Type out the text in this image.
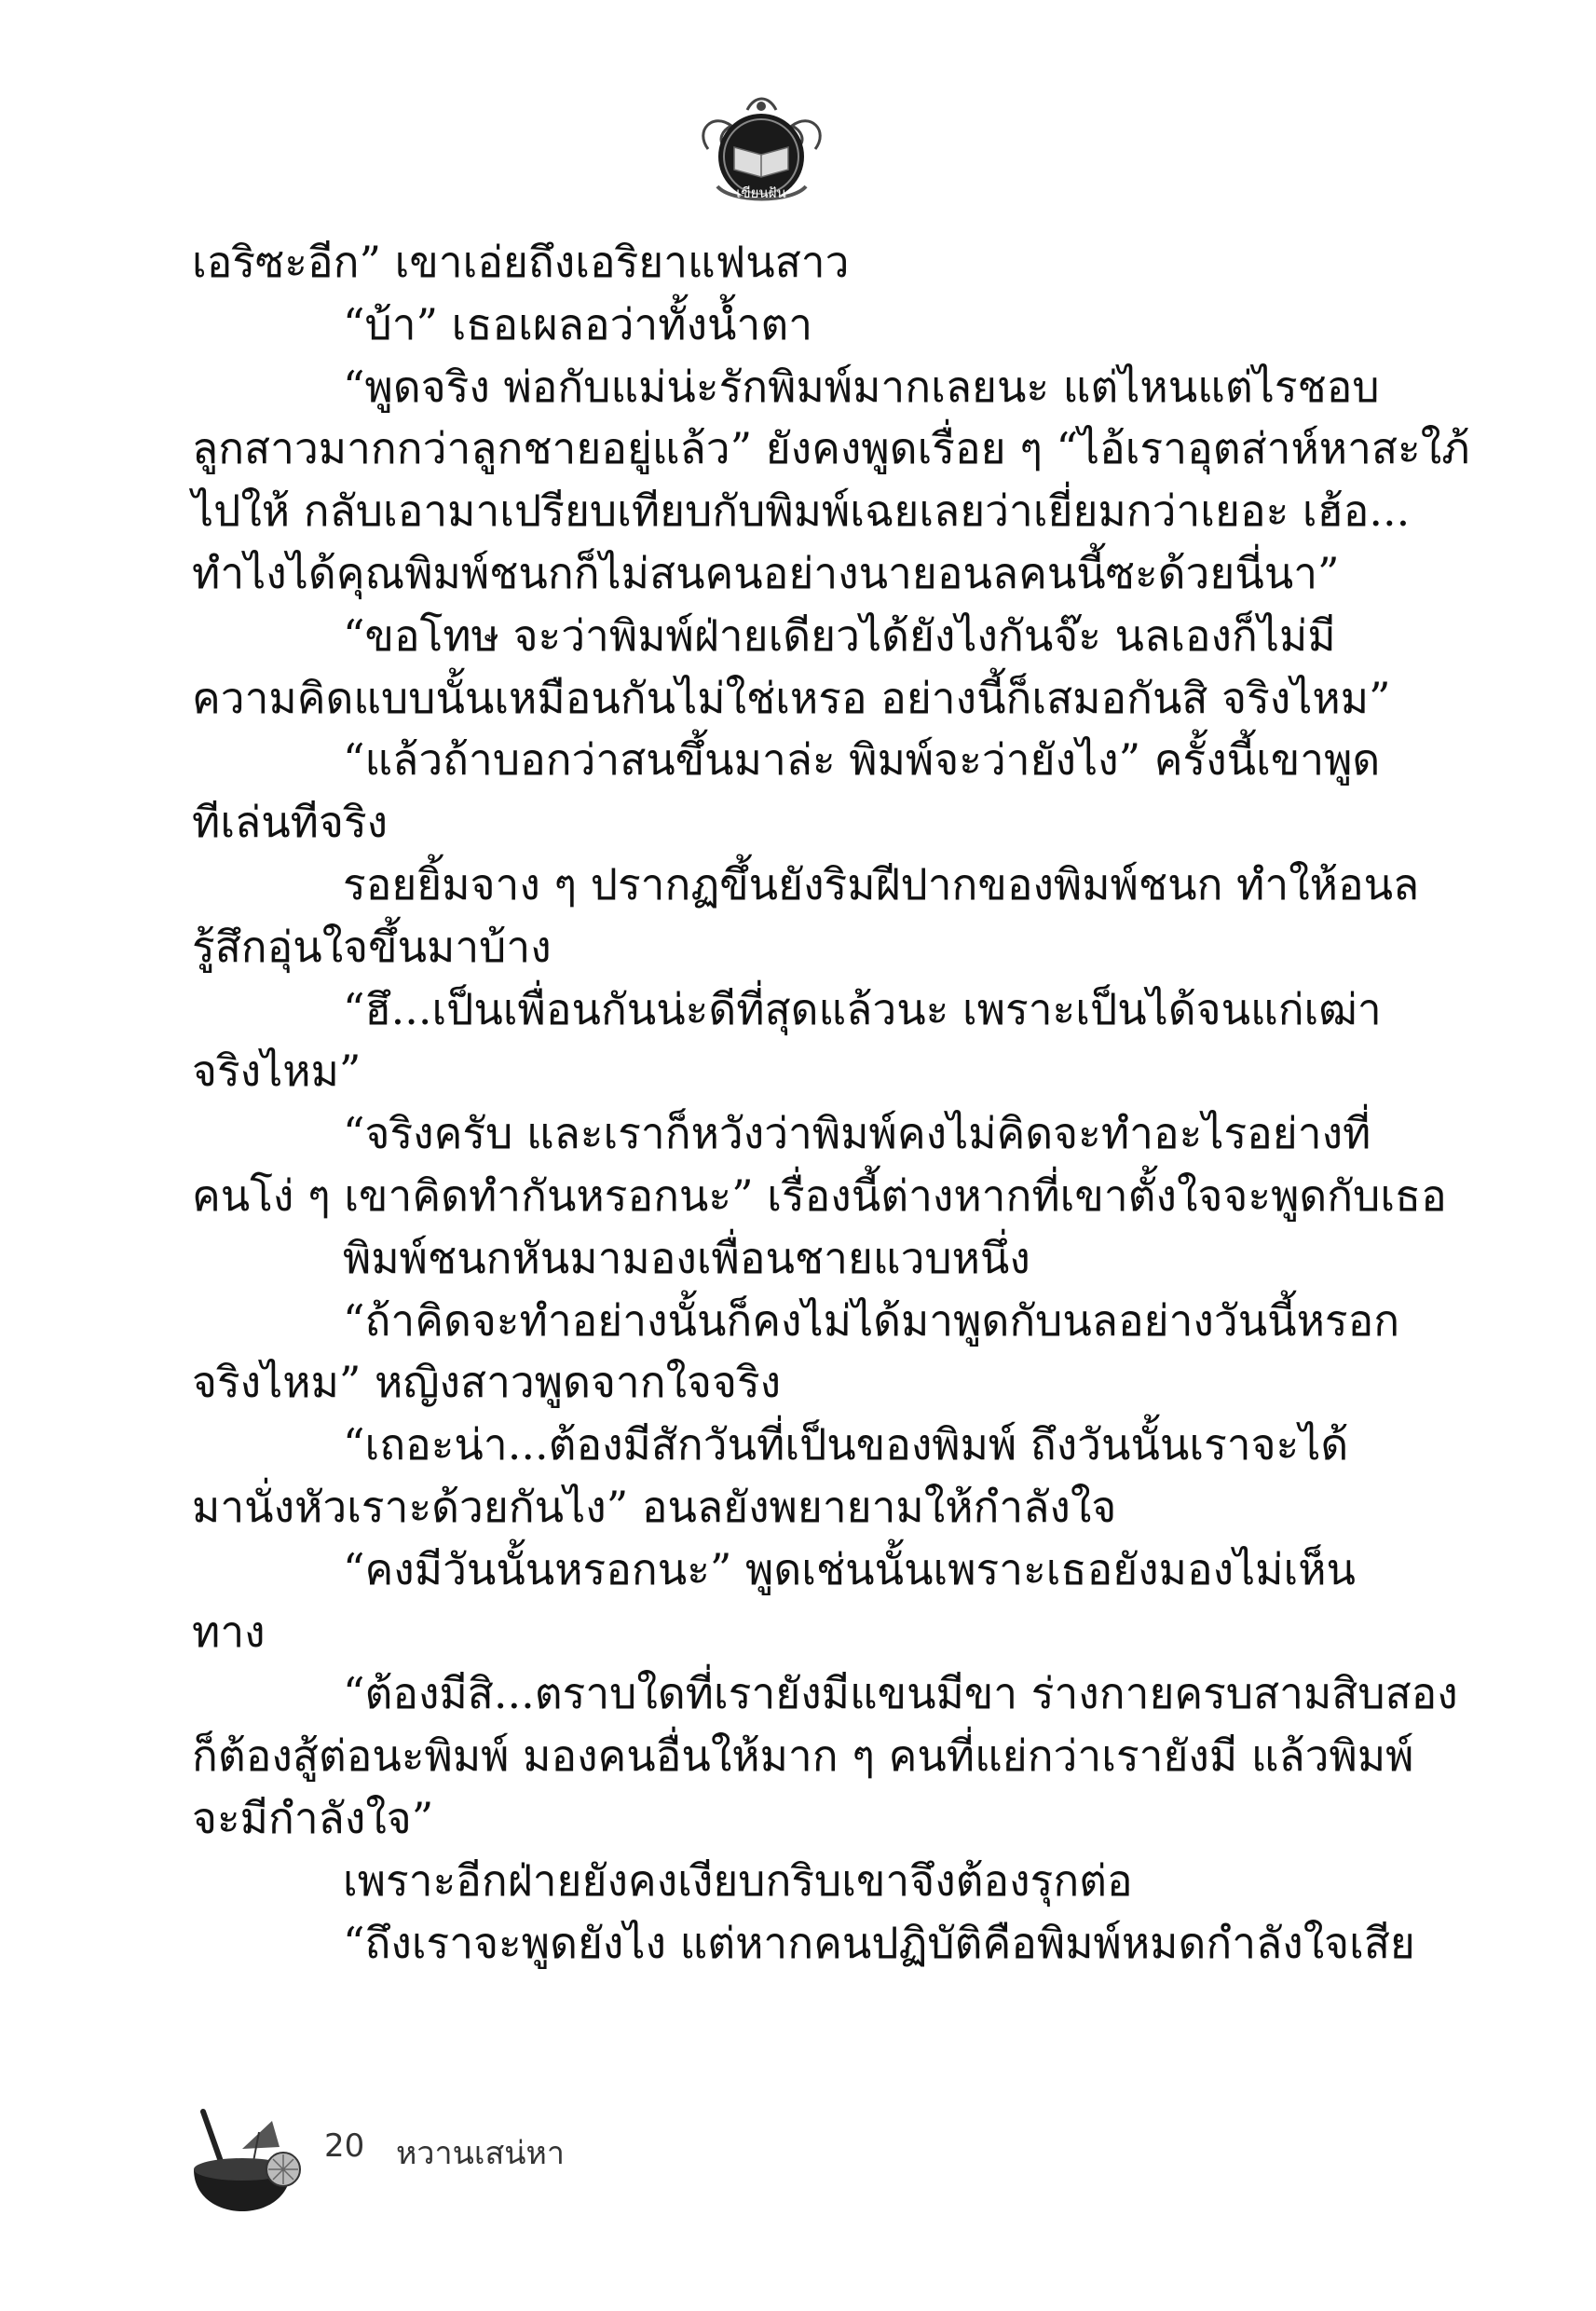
เขียนฝัน
เอริซะอีก” เขาเอ่ยถึงเอริยาแฟนสาว
“บ้า” เธอเผลอว่าทั้งน้ำตา
“พูดจริง พ่อกับแม่น่ะรักพิมพ์มากเลยนะ แต่ไหนแต่ไรชอบ
ลูกสาวมากกว่าลูกชายอยู่แล้ว” ยังคงพูดเรื่อย ๆ “ไอ้เราอุตส่าห์หาสะใภ้
ไปให้ กลับเอามาเปรียบเทียบกับพิมพ์เฉยเลยว่าเยี่ยมกว่าเยอะ เฮ้อ...
ทำไงได้คุณพิมพ์ชนกก็ไม่สนคนอย่างนายอนลคนนี้ซะด้วยนี่นา”
“ขอโทษ จะว่าพิมพ์ฝ่ายเดียวได้ยังไงกันจ๊ะ นลเองก็ไม่มี
ความคิดแบบนั้นเหมือนกันไม่ใช่เหรอ อย่างนี้ก็เสมอกันสิ จริงไหม”
“แล้วถ้าบอกว่าสนขึ้นมาล่ะ พิมพ์จะว่ายังไง” ครั้งนี้เขาพูด
ทีเล่นทีจริง
รอยยิ้มจาง ๆ ปรากฏขึ้นยังริมฝีปากของพิมพ์ชนก ทำให้อนล
รู้สึกอุ่นใจขึ้นมาบ้าง
“ฮึ...เป็นเพื่อนกันน่ะดีที่สุดแล้วนะ เพราะเป็นได้จนแก่เฒ่า
จริงไหม”
“จริงครับ และเราก็หวังว่าพิมพ์คงไม่คิดจะทำอะไรอย่างที่
คนโง่ ๆ เขาคิดทำกันหรอกนะ” เรื่องนี้ต่างหากที่เขาตั้งใจจะพูดกับเธอ
พิมพ์ชนกหันมามองเพื่อนชายแวบหนึ่ง
“ถ้าคิดจะทำอย่างนั้นก็คงไม่ได้มาพูดกับนลอย่างวันนี้หรอก
จริงไหม” หญิงสาวพูดจากใจจริง
“เถอะน่า...ต้องมีสักวันที่เป็นของพิมพ์ ถึงวันนั้นเราจะได้
มานั่งหัวเราะด้วยกันไง” อนลยังพยายามให้กำลังใจ
“คงมีวันนั้นหรอกนะ” พูดเช่นนั้นเพราะเธอยังมองไม่เห็น
ทาง
“ต้องมีสิ...ตราบใดที่เรายังมีแขนมีขา ร่างกายครบสามสิบสอง
ก็ต้องสู้ต่อนะพิมพ์ มองคนอื่นให้มาก ๆ คนที่แย่กว่าเรายังมี แล้วพิมพ์
จะมีกำลังใจ”
เพราะอีกฝ่ายยังคงเงียบกริบเขาจึงต้องรุกต่อ
“ถึงเราจะพูดยังไง แต่หากคนปฏิบัติคือพิมพ์หมดกำลังใจเสีย
20 หวานเสน่หา
